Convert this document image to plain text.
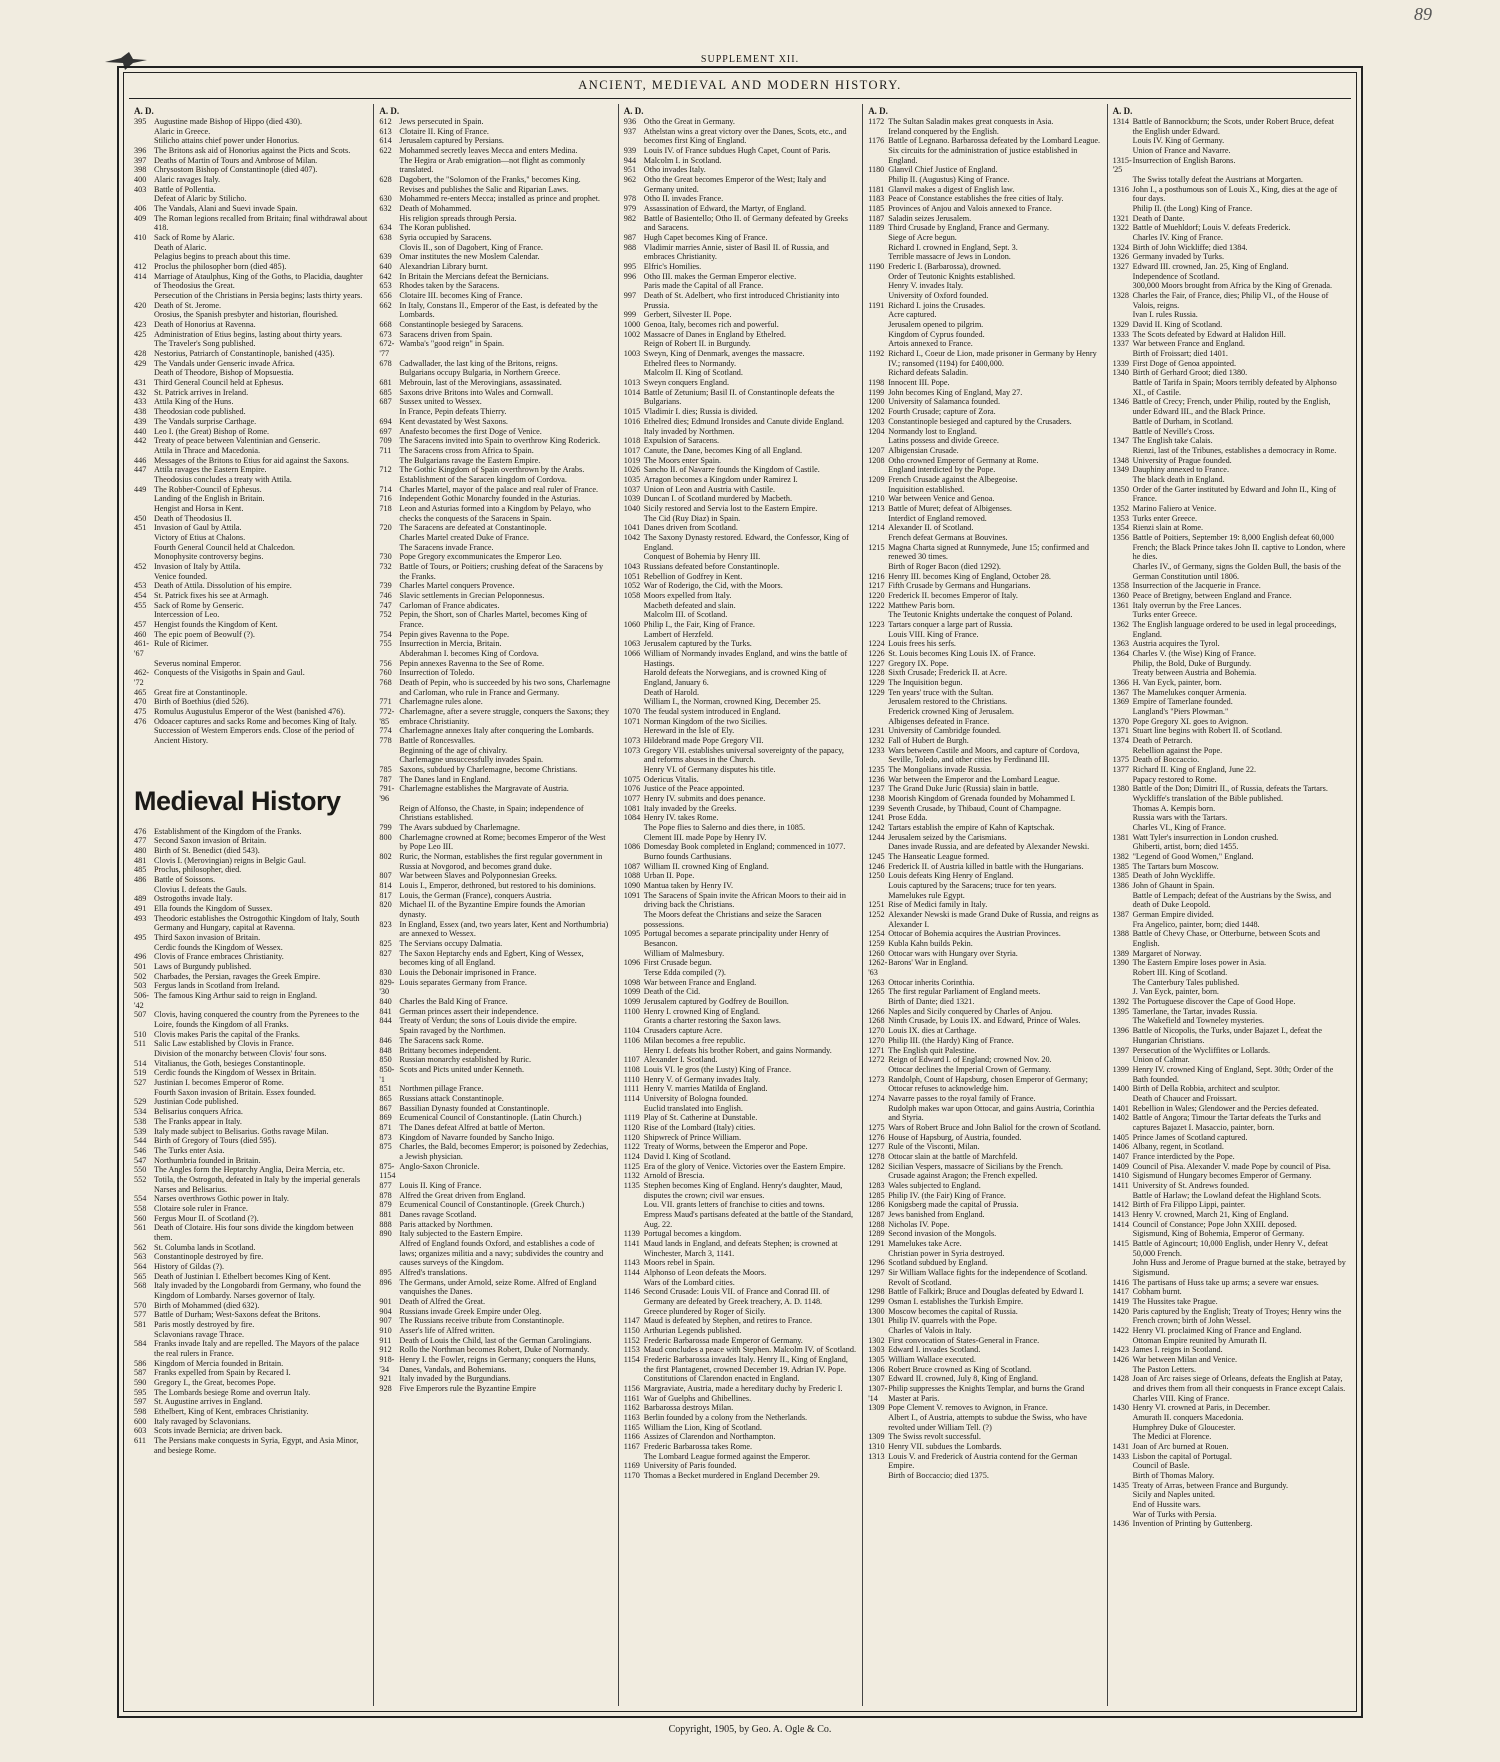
89
SUPPLEMENT XII.
ANCIENT, MEDIEVAL AND MODERN HISTORY.
A. D.
395 Augustine made Bishop of Hippo (died 430).
Alaric in Greece.
Stilicho attains chief power under Honorius.
396 The Britons ask aid of Honorius against the Picts and Scots.
397 Deaths of Martin of Tours and Ambrose of Milan.
398 Chrysostom Bishop of Constantinople (died 407).
400 Alaric ravages Italy.
403 Battle of Pollentia.
Defeat of Alaric by Stilicho.
406 The Vandals, Alani and Suevi invade Spain.
409 The Roman legions recalled from Britain; final withdrawal about 418.
410 Sack of Rome by Alaric.
Death of Alaric.
Pelagius begins to preach about this time.
412 Proclus the philosopher born (died 485).
414 Marriage of Ataulphus, King of the Goths, to Placidia, daughter of Theodosius the Great.
Persecution of the Christians in Persia begins; lasts thirty years.
420 Death of St. Jerome.
Orosius, the Spanish presbyter and historian, flourished.
423 Death of Honorius at Ravenna.
425 Administration of Etius begins, lasting about thirty years.
The Traveler's Song published.
428 Nestorius, Patriarch of Constantinople, banished (435).
429 The Vandals under Genseric invade Africa.
Death of Theodore, Bishop of Mopsuestia.
431 Third General Council held at Ephesus.
432 St. Patrick arrives in Ireland.
433 Attila King of the Huns.
438 Theodosian code published.
439 The Vandals surprise Carthage.
440 Leo I. (the Great) Bishop of Rome.
442 Treaty of peace between Valentinian and Genseric.
Attila in Thrace and Macedonia.
446 Messages of the Britons to Etius for aid against the Saxons.
447 Attila ravages the Eastern Empire.
Theodosius concludes a treaty with Attila.
449 The Robber-Council of Ephesus.
Landing of the English in Britain.
Hengist and Horsa in Kent.
450 Death of Theodosius II.
451 Invasion of Gaul by Attila.
Victory of Etius at Chalons.
Fourth General Council held at Chalcedon.
Monophysite controversy begins.
452 Invasion of Italy by Attila.
Venice founded.
453 Death of Attila. Dissolution of his empire.
454 St. Patrick fixes his see at Armagh.
455 Sack of Rome by Genseric.
Intercession of Leo.
457 Hengist founds the Kingdom of Kent.
460 The epic poem of Beowulf (?).
461-'67
Rule of Ricimer.
Severus nominal Emperor.
462-'72
Conquests of the Visigoths in Spain and Gaul.
465 Great fire at Constantinople.
470 Birth of Boethius (died 526).
475 Romulus Augustulus Emperor of the West (banished 476).
476 Odoacer captures and sacks Rome and becomes King of Italy.
Succession of Western Emperors ends. Close of the period of Ancient History.
Medieval History
476 Establishment of the Kingdom of the Franks.
477 Second Saxon invasion of Britain.
480 Birth of St. Benedict (died 543).
481 Clovis I. (Merovingian) reigns in Belgic Gaul.
485 Proclus, philosopher, died.
486 Battle of Soissons.
Clovius I. defeats the Gauls.
489 Ostrogoths invade Italy.
491 Ella founds the Kingdom of Sussex.
493 Theodoric establishes the Ostrogothic Kingdom of Italy, South Germany and Hungary, capital at Ravenna.
495 Third Saxon invasion of Britain.
Cerdic founds the Kingdom of Wessex.
496 Clovis of France embraces Christianity.
501 Laws of Burgundy published.
502 Charbades, the Persian, ravages the Greek Empire.
503 Fergus lands in Scotland from Ireland.
506-'42
The famous King Arthur said to reign in England.
507 Clovis, having conquered the country from the Pyrenees to the Loire, founds the Kingdom of all Franks.
510 Clovis makes Paris the capital of the Franks.
511 Salic Law established by Clovis in France.
Division of the monarchy between Clovis' four sons.
514 Vitalianus, the Goth, besieges Constantinople.
519 Cerdic founds the Kingdom of Wessex in Britain.
527 Justinian I. becomes Emperor of Rome.
Fourth Saxon invasion of Britain. Essex founded.
529 Justinian Code published.
534 Belisarius conquers Africa.
538 The Franks appear in Italy.
539 Italy made subject to Belisarius. Goths ravage Milan.
544 Birth of Gregory of Tours (died 595).
546 The Turks enter Asia.
547 Northumbria founded in Britain.
550 The Angles form the Heptarchy Anglia, Deira Mercia, etc.
552 Totila, the Ostrogoth, defeated in Italy by the imperial generals Narses and Belisarius.
554 Narses overthrows Gothic power in Italy.
558 Clotaire sole ruler in France.
560 Fergus Mour II. of Scotland (?).
561 Death of Clotaire. His four sons divide the kingdom between them.
562 St. Columba lands in Scotland.
563 Constantinople destroyed by fire.
564 History of Gildas (?).
565 Death of Justinian I. Ethelbert becomes King of Kent.
568 Italy invaded by the Longobardi from Germany, who found the Kingdom of Lombardy. Narses governor of Italy.
570 Birth of Mohammed (died 632).
577 Battle of Durham; West-Saxons defeat the Britons.
581 Paris mostly destroyed by fire.
Sclavonians ravage Thrace.
584 Franks invade Italy and are repelled. The Mayors of the palace the real rulers in France.
586 Kingdom of Mercia founded in Britain.
587 Franks expelled from Spain by Recared I.
590 Gregory I., the Great, becomes Pope.
595 The Lombards besiege Rome and overrun Italy.
597 St. Augustine arrives in England.
598 Ethelbert, King of Kent, embraces Christianity.
600 Italy ravaged by Sclavonians.
603 Scots invade Bernicia; are driven back.
611 The Persians make conquests in Syria, Egypt, and Asia Minor, and besiege Rome.
A. D.
612 Jews persecuted in Spain.
613 Clotaire II. King of France.
614 Jerusalem captured by Persians.
622 Mohammed secretly leaves Mecca and enters Medina.
The Hegira or Arab emigration—not flight as commonly translated.
628 Dagobert, the "Solomon of the Franks," becomes King.
Revises and publishes the Salic and Riparian Laws.
630 Mohammed re-enters Mecca; installed as prince and prophet.
632 Death of Mohammed.
His religion spreads through Persia.
634 The Koran published.
638 Syria occupied by Saracens.
Clovis II., son of Dagobert, King of France.
639 Omar institutes the new Moslem Calendar.
640 Alexandrian Library burnt.
642 In Britain the Mercians defeat the Bernicians.
653 Rhodes taken by the Saracens.
656 Clotaire III. becomes King of France.
662 In Italy, Constans II., Emperor of the East, is defeated by the Lombards.
668 Constantinople besieged by Saracens.
673 Saracens driven from Spain.
672-'77
Wamba's "good reign" in Spain.
678 Cadwallader, the last king of the Britons, reigns.
Bulgarians occupy Bulgaria, in Northern Greece.
681 Mebrouin, last of the Merovingians, assassinated.
685 Saxons drive Britons into Wales and Cornwall.
687 Sussex united to Wessex.
In France, Pepin defeats Thierry.
694 Kent devastated by West Saxons.
697 Anafesto becomes the first Doge of Venice.
709 The Saracens invited into Spain to overthrow King Roderick.
711 The Saracens cross from Africa to Spain.
The Bulgarians ravage the Eastern Empire.
712 The Gothic Kingdom of Spain overthrown by the Arabs.
Establishment of the Saracen kingdom of Cordova.
714 Charles Martel, mayor of the palace and real ruler of France.
716 Independent Gothic Monarchy founded in the Asturias.
718 Leon and Asturias formed into a Kingdom by Pelayo, who checks the conquests of the Saracens in Spain.
720 The Saracens are defeated at Constantinople.
Charles Martel created Duke of France.
The Saracens invade France.
730 Pope Gregory excommunicates the Emperor Leo.
732 Battle of Tours, or Poitiers; crushing defeat of the Saracens by the Franks.
739 Charles Martel conquers Provence.
746 Slavic settlements in Grecian Peloponnesus.
747 Carloman of France abdicates.
752 Pepin, the Short, son of Charles Martel, becomes King of France.
754 Pepin gives Ravenna to the Pope.
755 Insurrection in Mercia, Britain.
Abderahman I. becomes King of Cordova.
756 Pepin annexes Ravenna to the See of Rome.
760 Insurrection of Toledo.
768 Death of Pepin, who is succeeded by his two sons, Charlemagne and Carloman, who rule in France and Germany.
771 Charlemagne rules alone.
772-'85
Charlemagne, after a severe struggle, conquers the Saxons; they embrace Christianity.
774 Charlemagne annexes Italy after conquering the Lombards.
778 Battle of Roncesvalles.
Beginning of the age of chivalry.
Charlemagne unsuccessfully invades Spain.
785 Saxons, subdued by Charlemagne, become Christians.
787 The Danes land in England.
791-'96
Charlemagne establishes the Margravate of Austria.
Reign of Alfonso, the Chaste, in Spain; independence of Christians established.
799 The Avars subdued by Charlemagne.
800 Charlemagne crowned at Rome; becomes Emperor of the West by Pope Leo III.
802 Ruric, the Norman, establishes the first regular government in Russia at Novgorod, and becomes grand duke.
807 War between Slaves and Polyponnesian Greeks.
814 Louis I., Emperor, dethroned, but restored to his dominions.
817 Louis, the German (France), conquers Austria.
820 Michael II. of the Byzantine Empire founds the Amorian dynasty.
823 In England, Essex (and, two years later, Kent and Northumbria) are annexed to Wessex.
825 The Servians occupy Dalmatia.
827 The Saxon Heptarchy ends and Egbert, King of Wessex, becomes king of all England.
830 Louis the Debonair imprisoned in France.
829-'30
Louis separates Germany from France.
840 Charles the Bald King of France.
841 German princes assert their independence.
844 Treaty of Verdun; the sons of Louis divide the empire.
Spain ravaged by the Northmen.
846 The Saracens sack Rome.
848 Brittany becomes independent.
850 Russian monarchy established by Ruric.
850-'1
Scots and Picts united under Kenneth.
851 Northmen pillage France.
865 Russians attack Constantinople.
867 Bassilian Dynasty founded at Constantinople.
869 Ecumenical Council of Constantinople. (Latin Church.)
871 The Danes defeat Alfred at battle of Merton.
873 Kingdom of Navarre founded by Sancho Inigo.
875 Charles, the Bald, becomes Emperor; is poisoned by Zedechias, a Jewish physician.
875-1154
Anglo-Saxon Chronicle.
877 Louis II. King of France.
878 Alfred the Great driven from England.
879 Ecumenical Council of Constantinople. (Greek Church.)
881 Danes ravage Scotland.
888 Paris attacked by Northmen.
890 Italy subjected to the Eastern Empire.
Alfred of England founds Oxford, and establishes a code of laws; organizes militia and a navy; subdivides the country and causes surveys of the Kingdom.
895 Alfred's translations.
896 The Germans, under Arnold, seize Rome. Alfred of England vanquishes the Danes.
901 Death of Alfred the Great.
904 Russians invade Greek Empire under Oleg.
907 The Russians receive tribute from Constantinople.
910 Asser's life of Alfred written.
911 Death of Louis the Child, last of the German Carolingians.
912 Rollo the Northman becomes Robert, Duke of Normandy.
918-'34
Henry I. the Fowler, reigns in Germany; conquers the Huns, Danes, Vandals, and Bohemians.
921 Italy invaded by the Burgundians.
928 Five Emperors rule the Byzantine Empire
A. D.
936 Otho the Great in Germany.
937 Athelstan wins a great victory over the Danes, Scots, etc., and becomes first King of England.
939 Louis IV. of France subdues Hugh Capet, Count of Paris.
944 Malcolm I. in Scotland.
951 Otho invades Italy.
962 Otho the Great becomes Emperor of the West; Italy and Germany united.
978 Otho II. invades France.
979 Assassination of Edward, the Martyr, of England.
982 Battle of Basientello; Otho II. of Germany defeated by Greeks and Saracens.
987 Hugh Capet becomes King of France.
988 Vladimir marries Annie, sister of Basil II. of Russia, and embraces Christianity.
995 Elfric's Homilies.
996 Otho III. makes the German Emperor elective.
Paris made the Capital of all France.
997 Death of St. Adelbert, who first introduced Christianity into Prussia.
999 Gerbert, Silvester II. Pope.
1000 Genoa, Italy, becomes rich and powerful.
1002 Massacre of Danes in England by Ethelred.
Reign of Robert II. in Burgundy.
1003 Sweyn, King of Denmark, avenges the massacre.
Ethelred flees to Normandy.
Malcolm II. King of Scotland.
1013 Sweyn conquers England.
1014 Battle of Zetunium; Basil II. of Constantinople defeats the Bulgarians.
1015 Vladimir I. dies; Russia is divided.
1016 Ethelred dies; Edmund Ironsides and Canute divide England.
Italy invaded by Northmen.
1018 Expulsion of Saracens.
1017 Canute, the Dane, becomes King of all England.
1019 The Moors enter Spain.
1026 Sancho II. of Navarre founds the Kingdom of Castile.
1035 Arragon becomes a Kingdom under Ramirez I.
1037 Union of Leon and Austria with Castile.
1039 Duncan I. of Scotland murdered by Macbeth.
1040 Sicily restored and Servia lost to the Eastern Empire.
The Cid (Ruy Diaz) in Spain.
1041 Danes driven from Scotland.
1042 The Saxony Dynasty restored. Edward, the Confessor, King of England.
Conquest of Bohemia by Henry III.
1043 Russians defeated before Constantinople.
1051 Rebellion of Godfrey in Kent.
1052 War of Roderigo, the Cid, with the Moors.
1058 Moors expelled from Italy.
Macbeth defeated and slain.
Malcolm III. of Scotland.
1060 Philip I., the Fair, King of France.
Lambert of Herzfeld.
1063 Jerusalem captured by the Turks.
1066 William of Normandy invades England, and wins the battle of Hastings.
Harold defeats the Norwegians, and is crowned King of England, January 6.
Death of Harold.
William I., the Norman, crowned King, December 25.
1070 The feudal system introduced in England.
1071 Norman Kingdom of the two Sicilies.
Hereward in the Isle of Ely.
1073 Hildebrand made Pope Gregory VII.
1073 Gregory VII. establishes universal sovereignty of the papacy, and reforms abuses in the Church.
Henry VI. of Germany disputes his title.
1075 Odericus Vitalis.
1076 Justice of the Peace appointed.
1077 Henry IV. submits and does penance.
1081 Italy invaded by the Greeks.
1084 Henry IV. takes Rome.
The Pope flies to Salerno and dies there, in 1085.
Clement III. made Pope by Henry IV.
1086 Domesday Book completed in England; commenced in 1077.
Burno founds Carthusians.
1087 William II. crowned King of England.
1088 Urban II. Pope.
1090 Mantua taken by Henry IV.
1091 The Saracens of Spain invite the African Moors to their aid in driving back the Christians.
The Moors defeat the Christians and seize the Saracen possessions.
1095 Portugal becomes a separate principality under Henry of Besancon.
William of Malmesbury.
1096 First Crusade begun.
Terse Edda compiled (?).
1098 War between France and England.
1099 Death of the Cid.
1099 Jerusalem captured by Godfrey de Bouillon.
1100 Henry I. crowned King of England.
Grants a charter restoring the Saxon laws.
1104 Crusaders capture Acre.
1106 Milan becomes a free republic.
Henry I. defeats his brother Robert, and gains Normandy.
1107 Alexander I. Scotland.
1108 Louis VI. le gros (the Lusty) King of France.
1110 Henry V. of Germany invades Italy.
1111 Henry V. marries Matilda of England.
1114 University of Bologna founded.
Euclid translated into English.
1119 Play of St. Catherine at Dunstable.
1120 Rise of the Lombard (Italy) cities.
1120 Shipwreck of Prince William.
1122 Treaty of Worms, between the Emperor and Pope.
1124 David I. King of Scotland.
1125 Era of the glory of Venice. Victories over the Eastern Empire.
1132 Arnold of Brescia.
1135 Stephen becomes King of England. Henry's daughter, Maud, disputes the crown; civil war ensues.
Lou. VII. grants letters of franchise to cities and towns.
Empress Maud's partisans defeated at the battle of the Standard, Aug. 22.
1139 Portugal becomes a kingdom.
1141 Maud lands in England, and defeats Stephen; is crowned at Winchester, March 3, 1141.
1143 Moors rebel in Spain.
1144 Alphonso of Leon defeats the Moors.
Wars of the Lombard cities.
1146 Second Crusade: Louis VII. of France and Conrad III. of Germany are defeated by Greek treachery, A. D. 1148.
Greece plundered by Roger of Sicily.
1147 Maud is defeated by Stephen, and retires to France.
1150 Arthurian Legends published.
1152 Frederic Barbarossa made Emperor of Germany.
1153 Maud concludes a peace with Stephen. Malcolm IV. of Scotland.
1154 Frederic Barbarossa invades Italy. Henry II., King of England, the first Plantagenet, crowned December 19. Adrian IV. Pope.
Constitutions of Clarendon enacted in England.
1156 Margraviate, Austria, made a hereditary duchy by Frederic I.
1161 War of Guelphs and Ghibellines.
1162 Barbarossa destroys Milan.
1163 Berlin founded by a colony from the Netherlands.
1165 William the Lion, King of Scotland.
1166 Assizes of Clarendon and Northampton.
1167 Frederic Barbarossa takes Rome.
The Lombard League formed against the Emperor.
1169 University of Paris founded.
1170 Thomas a Becket murdered in England December 29.
A. D.
1172 The Sultan Saladin makes great conquests in Asia.
Ireland conquered by the English.
1176 Battle of Legnano. Barbarossa defeated by the Lombard League.
Six circuits for the administration of justice established in England.
1180 Glanvil Chief Justice of England.
Philip II. (Augustus) King of France.
1181 Glanvil makes a digest of English law.
1183 Peace of Constance establishes the free cities of Italy.
1185 Provinces of Anjou and Valois annexed to France.
1187 Saladin seizes Jerusalem.
1189 Third Crusade by England, France and Germany.
Siege of Acre begun.
Richard I. crowned in England, Sept. 3.
Terrible massacre of Jews in London.
1190 Frederic I. (Barbarossa), drowned.
Order of Teutonic Knights established.
Henry V. invades Italy.
University of Oxford founded.
1191 Richard I. joins the Crusades.
Acre captured.
Jerusalem opened to pilgrim.
Kingdom of Cyprus founded.
Artois annexed to France.
1192 Richard I., Coeur de Lion, made prisoner in Germany by Henry IV.; ransomed (1194) for £400,000.
Richard defeats Saladin.
1198 Innocent III. Pope.
1199 John becomes King of England, May 27.
1200 University of Salamanca founded.
1202 Fourth Crusade; capture of Zora.
1203 Constantinople besieged and captured by the Crusaders.
1204 Normandy lost to England.
Latins possess and divide Greece.
1207 Albigensian Crusade.
1208 Otho crowned Emperor of Germany at Rome.
England interdicted by the Pope.
1209 French Crusade against the Albegeoise.
Inquisition established.
1210 War between Venice and Genoa.
1213 Battle of Muret; defeat of Albigenses.
Interdict of England removed.
1214 Alexander II. of Scotland.
French defeat Germans at Bouvines.
1215 Magna Charta signed at Runnymede, June 15; confirmed and renewed 30 times.
Birth of Roger Bacon (died 1292).
1216 Henry III. becomes King of England, October 28.
1217 Fifth Crusade by Germans and Hungarians.
1220 Frederick II. becomes Emperor of Italy.
1222 Matthew Paris born.
The Teutonic Knights undertake the conquest of Poland.
1223 Tartars conquer a large part of Russia.
Louis VIII. King of France.
1224 Louis frees his serfs.
1226 St. Louis becomes King Louis IX. of France.
1227 Gregory IX. Pope.
1228 Sixth Crusade; Frederick II. at Acre.
1229 The Inquisition begun.
1229 Ten years' truce with the Sultan.
Jerusalem restored to the Christians.
Frederick crowned King of Jerusalem.
Albigenses defeated in France.
1231 University of Cambridge founded.
1232 Fall of Hubert de Burgh.
1233 Wars between Castile and Moors, and capture of Cordova, Seville, Toledo, and other cities by Ferdinand III.
1235 The Mongolians invade Russia.
1236 War between the Emperor and the Lombard League.
1237 The Grand Duke Juric (Russia) slain in battle.
1238 Moorish Kingdom of Grenada founded by Mohammed I.
1239 Seventh Crusade, by Thibaud, Count of Champagne.
1241 Prose Edda.
1242 Tartars establish the empire of Kahn of Kaptschak.
1244 Jerusalem seized by the Carismians.
Danes invade Russia, and are defeated by Alexander Newski.
1245 The Hanseatic League formed.
1246 Frederick II. of Austria killed in battle with the Hungarians.
1250 Louis defeats King Henry of England.
Louis captured by the Saracens; truce for ten years.
Mamelukes rule Egypt.
1251 Rise of Medici family in Italy.
1252 Alexander Newski is made Grand Duke of Russia, and reigns as Alexander I.
1254 Ottocar of Bohemia acquires the Austrian Provinces.
1259 Kubla Kahn builds Pekin.
1260 Ottocar wars with Hungary over Styria.
1262-'63
Barons' War in England.
1263 Ottocar inherits Corinthia.
1265 The first regular Parliament of England meets.
Birth of Dante; died 1321.
1266 Naples and Sicily conquered by Charles of Anjou.
1268 Ninth Crusade, by Louis IX. and Edward, Prince of Wales.
1270 Louis IX. dies at Carthage.
1270 Philip III. (the Hardy) King of France.
1271 The English quit Palestine.
1272 Reign of Edward I. of England; crowned Nov. 20.
Ottocar declines the Imperial Crown of Germany.
1273 Randolph, Count of Hapsburg, chosen Emperor of Germany; Ottocar refuses to acknowledge him.
1274 Navarre passes to the royal family of France.
Rudolph makes war upon Ottocar, and gains Austria, Corinthia and Styria.
1275 Wars of Robert Bruce and John Baliol for the crown of Scotland.
1276 House of Hapsburg, of Austria, founded.
1277 Rule of the Visconti, Milan.
1278 Ottocar slain at the battle of Marchfeld.
1282 Sicilian Vespers, massacre of Sicilians by the French.
Crusade against Aragon; the French expelled.
1283 Wales subjected to England.
1285 Philip IV. (the Fair) King of France.
1286 Konigsberg made the capital of Prussia.
1287 Jews banished from England.
1288 Nicholas IV. Pope.
1289 Second invasion of the Mongols.
1291 Mamelukes take Acre.
Christian power in Syria destroyed.
1296 Scotland subdued by England.
1297 Sir William Wallace fights for the independence of Scotland.
Revolt of Scotland.
1298 Battle of Falkirk; Bruce and Douglas defeated by Edward I.
1299 Osman I. establishes the Turkish Empire.
1300 Moscow becomes the capital of Russia.
1301 Philip IV. quarrels with the Pope.
Charles of Valois in Italy.
1302 First convocation of States-General in France.
1303 Edward I. invades Scotland.
1305 William Wallace executed.
1306 Robert Bruce crowned as King of Scotland.
1307 Edward II. crowned, July 8, King of England.
1307-'14
Philip suppresses the Knights Templar, and burns the Grand Master at Paris.
1309 Pope Clement V. removes to Avignon, in France.
Albert I., of Austria, attempts to subdue the Swiss, who have revolted under William Tell. (?)
1309 The Swiss revolt successful.
1310 Henry VII. subdues the Lombards.
1313 Louis V. and Frederick of Austria contend for the German Empire.
Birth of Boccaccio; died 1375.
A. D.
1314 Battle of Bannockburn; the Scots, under Robert Bruce, defeat the English under Edward.
Louis IV. King of Germany.
Union of France and Navarre.
1315-'25
Insurrection of English Barons.
The Swiss totally defeat the Austrians at Morgarten.
1316 John I., a posthumous son of Louis X., King, dies at the age of four days.
Philip II. (the Long) King of France.
1321 Death of Dante.
1322 Battle of Muehldorf; Louis V. defeats Frederick.
Charles IV. King of France.
1324 Birth of John Wickliffe; died 1384.
1326 Germany invaded by Turks.
1327 Edward III. crowned, Jan. 25, King of England.
Independence of Scotland.
300,000 Moors brought from Africa by the King of Grenada.
1328 Charles the Fair, of France, dies; Philip VI., of the House of Valois, reigns.
Ivan I. rules Russia.
1329 David II. King of Scotland.
1333 The Scots defeated by Edward at Halidon Hill.
1337 War between France and England.
Birth of Froissart; died 1401.
1339 First Doge of Genoa appointed.
1340 Birth of Gerhard Groot; died 1380.
Battle of Tarifa in Spain; Moors terribly defeated by Alphonso XI., of Castile.
1346 Battle of Crecy; French, under Philip, routed by the English, under Edward III., and the Black Prince.
Battle of Durham, in Scotland.
Battle of Neville's Cross.
1347 The English take Calais.
Rienzi, last of the Tribunes, establishes a democracy in Rome.
1348 University of Prague founded.
1349 Dauphiny annexed to France.
The black death in England.
1350 Order of the Garter instituted by Edward and John II., King of France.
1352 Marino Faliero at Venice.
1353 Turks enter Greece.
1354 Rienzi slain at Rome.
1356 Battle of Poitiers, September 19: 8,000 English defeat 60,000 French; the Black Prince takes John II. captive to London, where he dies.
Charles IV., of Germany, signs the Golden Bull, the basis of the German Constitution until 1806.
1358 Insurrection of the Jacquerie in France.
1360 Peace of Bretigny, between England and France.
1361 Italy overrun by the Free Lances.
Turks enter Greece.
1362 The English language ordered to be used in legal proceedings, England.
1363 Austria acquires the Tyrol.
1364 Charles V. (the Wise) King of France.
Philip, the Bold, Duke of Burgundy.
Treaty between Austria and Bohemia.
1366 H. Van Eyck, painter, born.
1367 The Mamelukes conquer Armenia.
1369 Empire of Tamerlane founded.
Langland's "Piers Plowman."
1370 Pope Gregory XI. goes to Avignon.
1371 Stuart line begins with Robert II. of Scotland.
1374 Death of Petrarch.
Rebellion against the Pope.
1375 Death of Boccaccio.
1377 Richard II. King of England, June 22.
Papacy restored to Rome.
1380 Battle of the Don; Dimitri II., of Russia, defeats the Tartars.
Wyckliffe's translation of the Bible published.
Thomas A. Kempis born.
Russia wars with the Tartars.
Charles VI., King of France.
1381 Watt Tyler's insurrection in London crushed.
Ghiberti, artist, born; died 1455.
1382 "Legend of Good Women," England.
1385 The Tartars burn Moscow.
1385 Death of John Wyckliffe.
1386 John of Ghaunt in Spain.
Battle of Lempach; defeat of the Austrians by the Swiss, and death of Duke Leopold.
1387 German Empire divided.
Fra Angelico, painter, born; died 1448.
1388 Battle of Chevy Chase, or Otterburne, between Scots and English.
1389 Margaret of Norway.
1390 The Eastern Empire loses power in Asia.
Robert III. King of Scotland.
The Canterbury Tales published.
J. Van Eyck, painter, born.
1392 The Portuguese discover the Cape of Good Hope.
1395 Tamerlane, the Tartar, invades Russia.
The Wakefield and Towneley mysteries.
1396 Battle of Nicopolis, the Turks, under Bajazet I., defeat the Hungarian Christians.
1397 Persecution of the Wycliffites or Lollards.
Union of Calmar.
1399 Henry IV. crowned King of England, Sept. 30th; Order of the Bath founded.
1400 Birth of Della Robbia, architect and sculptor.
Death of Chaucer and Froissart.
1401 Rebellion in Wales; Glendower and the Percies defeated.
1402 Battle of Angora; Timour the Tartar defeats the Turks and captures Bajazet I. Masaccio, painter, born.
1405 Prince James of Scotland captured.
1406 Albany, regent, in Scotland.
1407 France interdicted by the Pope.
1409 Council of Pisa. Alexander V. made Pope by council of Pisa.
1410 Sigismund of Hungary becomes Emperor of Germany.
1411 University of St. Andrews founded.
Battle of Harlaw; the Lowland defeat the Highland Scots.
1412 Birth of Fra Filippo Lippi, painter.
1413 Henry V. crowned, March 21, King of England.
1414 Council of Constance; Pope John XXIII. deposed.
Sigismund, King of Bohemia, Emperor of Germany.
1415 Battle of Agincourt; 10,000 English, under Henry V., defeat 50,000 French.
John Huss and Jerome of Prague burned at the stake, betrayed by Sigismund.
1416 The partisans of Huss take up arms; a severe war ensues.
1417 Cobham burnt.
1419 The Hussites take Prague.
1420 Paris captured by the English; Treaty of Troyes; Henry wins the French crown; birth of John Wessel.
1422 Henry VI. proclaimed King of France and England.
Ottoman Empire reunited by Amurath II.
1423 James I. reigns in Scotland.
1426 War between Milan and Venice.
The Paston Letters.
1428 Joan of Arc raises siege of Orleans, defeats the English at Patay, and drives them from all their conquests in France except Calais.
Charles VIII. King of France.
1430 Henry VI. crowned at Paris, in December.
Amurath II. conquers Macedonia.
Humphrey Duke of Gloucester.
The Medici at Florence.
1431 Joan of Arc burned at Rouen.
1433 Lisbon the capital of Portugal.
Council of Basle.
Birth of Thomas Malory.
1435 Treaty of Arras, between France and Burgundy.
Sicily and Naples united.
End of Hussite wars.
War of Turks with Persia.
1436 Invention of Printing by Guttenberg.
Copyright, 1905, by Geo. A. Ogle & Co.
